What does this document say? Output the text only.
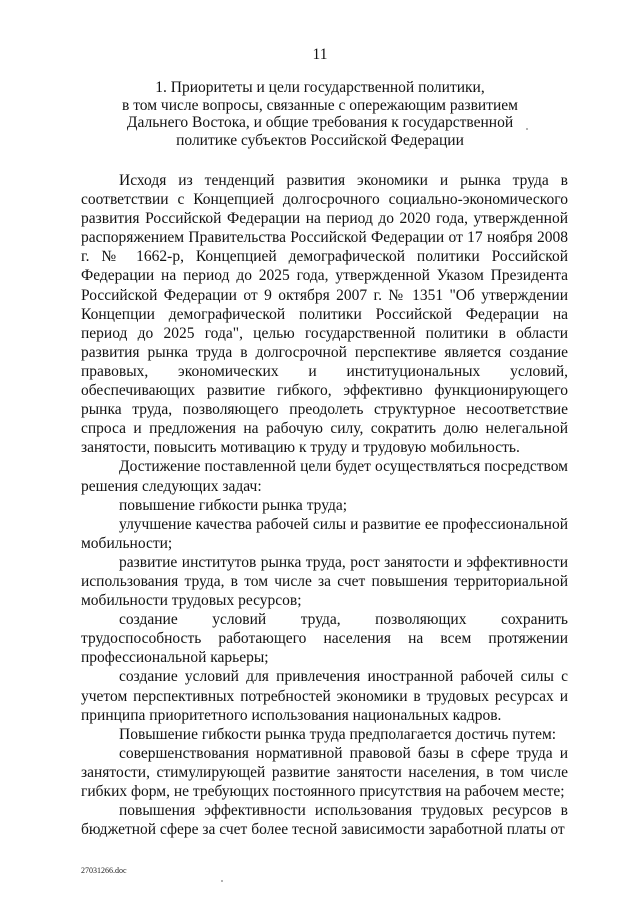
11
1. Приоритеты и цели государственной политики,
в том числе вопросы, связанные с опережающим развитием
Дальнего Востока, и общие требования к государственной
политике субъектов Российской Федерации

Исходя из тенденций развития экономики и рынка труда в соответствии с Концепцией долгосрочного социально-экономического развития Российской Федерации на период до 2020 года, утвержденной распоряжением Правительства Российской Федерации от 17 ноября 2008 г. № 1662-р, Концепцией демографической политики Российской Федерации на период до 2025 года, утвержденной Указом Президента Российской Федерации от 9 октября 2007 г. № 1351 "Об утверждении Концепции демографической политики Российской Федерации на период до 2025 года", целью государственной политики в области развития рынка труда в долгосрочной перспективе является создание правовых, экономических и институциональных условий, обеспечивающих развитие гибкого, эффективно функционирующего рынка труда, позволяющего преодолеть структурное несоответствие спроса и предложения на рабочую силу, сократить долю нелегальной занятости, повысить мотивацию к труду и трудовую мобильность.

Достижение поставленной цели будет осуществляться посредством решения следующих задач:

повышение гибкости рынка труда;

улучшение качества рабочей силы и развитие ее профессиональной мобильности;

развитие институтов рынка труда, рост занятости и эффективности использования труда, в том числе за счет повышения территориальной мобильности трудовых ресурсов;

создание условий труда, позволяющих сохранить трудоспособность работающего населения на всем протяжении профессиональной карьеры;

создание условий для привлечения иностранной рабочей силы с учетом перспективных потребностей экономики в трудовых ресурсах и принципа приоритетного использования национальных кадров.

Повышение гибкости рынка труда предполагается достичь путем:

совершенствования нормативной правовой базы в сфере труда и занятости, стимулирующей развитие занятости населения, в том числе гибких форм, не требующих постоянного присутствия на рабочем месте;

повышения эффективности использования трудовых ресурсов в бюджетной сфере за счет более тесной зависимости заработной платы от

27031266.doc
